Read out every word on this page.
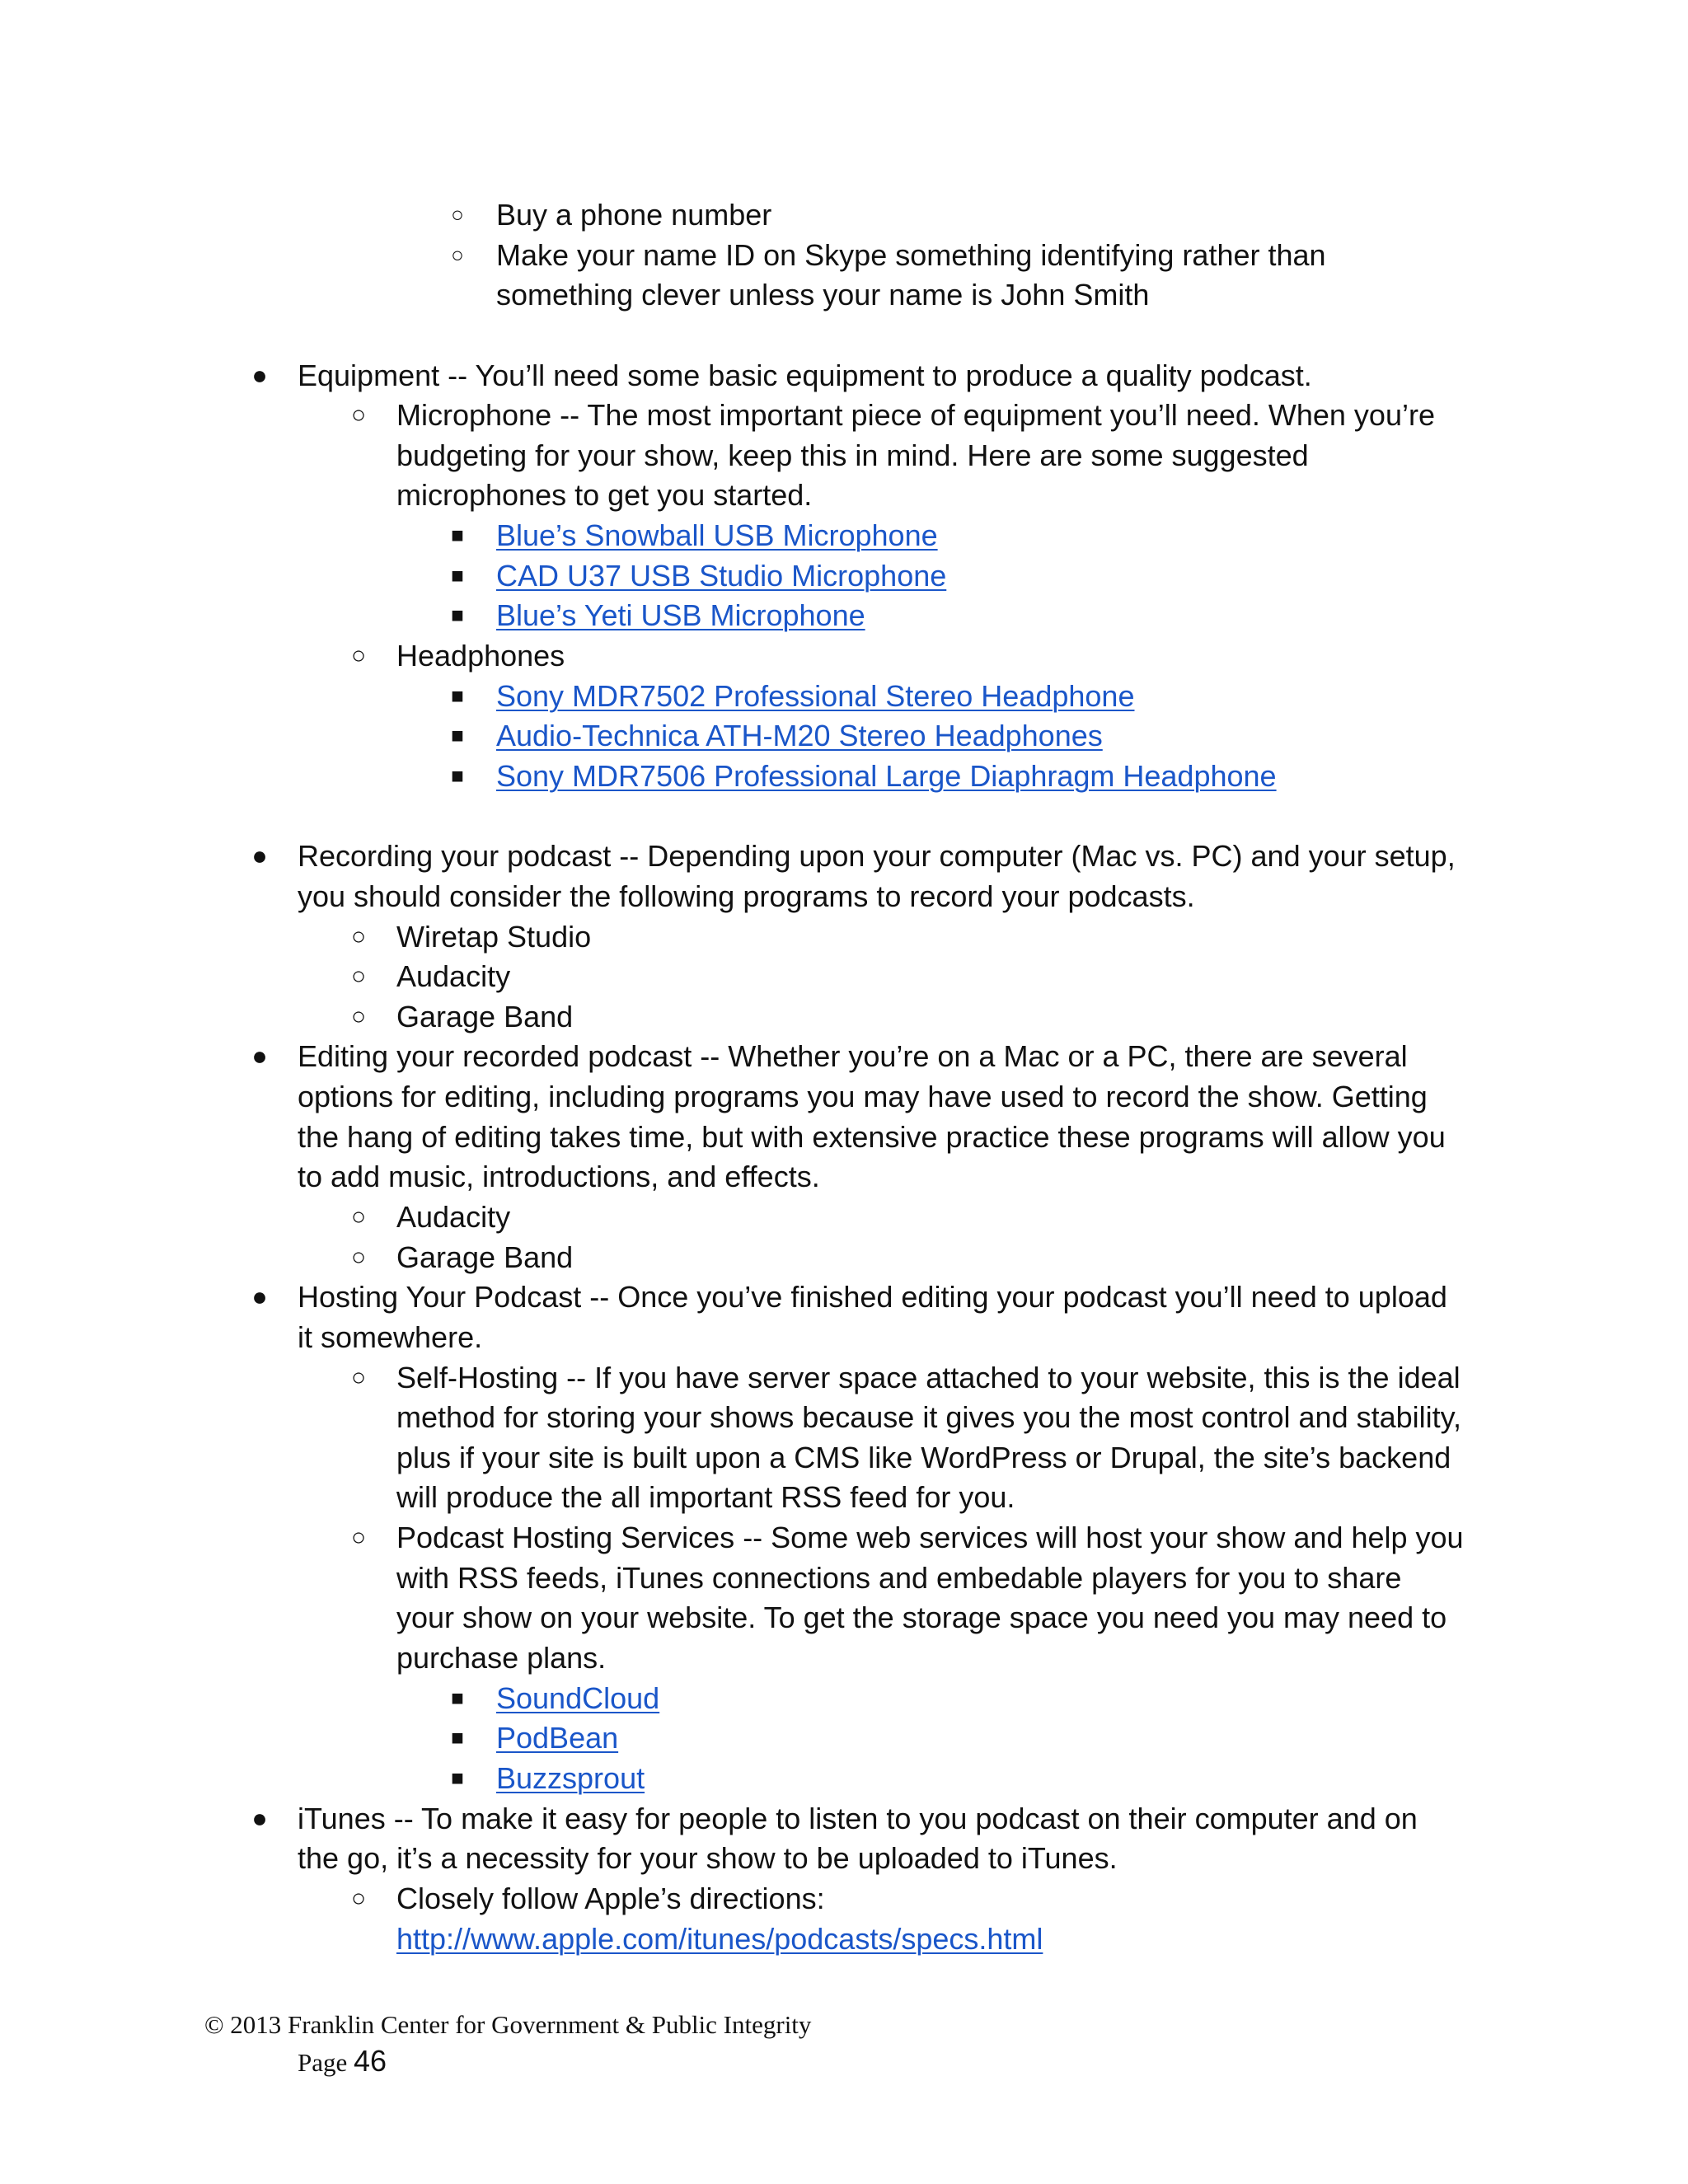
○ Buy a phone number
○ Make your name ID on Skype something identifying rather than
something clever unless your name is John Smith
● Equipment -- You’ll need some basic equipment to produce a quality podcast.
○ Microphone -- The most important piece of equipment you’ll need. When you’re
budgeting for your show, keep this in mind. Here are some suggested
microphones to get you started.
■ Blue’s Snowball USB Microphone
■ CAD U37 USB Studio Microphone
■ Blue’s Yeti USB Microphone
○ Headphones
■ Sony MDR7502 Professional Stereo Headphone
■ Audio-Technica ATH-M20 Stereo Headphones
■ Sony MDR7506 Professional Large Diaphragm Headphone
● Recording your podcast -- Depending upon your computer (Mac vs. PC) and your setup,
you should consider the following programs to record your podcasts.
○ Wiretap Studio
○ Audacity
○ Garage Band
● Editing your recorded podcast -- Whether you’re on a Mac or a PC, there are several
options for editing, including programs you may have used to record the show. Getting
the hang of editing takes time, but with extensive practice these programs will allow you
to add music, introductions, and effects.
○ Audacity
○ Garage Band
● Hosting Your Podcast -- Once you’ve finished editing your podcast you’ll need to upload
it somewhere.
○ Self-Hosting -- If you have server space attached to your website, this is the ideal
method for storing your shows because it gives you the most control and stability,
plus if your site is built upon a CMS like WordPress or Drupal, the site’s backend
will produce the all important RSS feed for you.
○ Podcast Hosting Services -- Some web services will host your show and help you
with RSS feeds, iTunes connections and embedable players for you to share
your show on your website. To get the storage space you need you may need to
purchase plans.
■ SoundCloud
■ PodBean
■ Buzzsprout
● iTunes -- To make it easy for people to listen to you podcast on their computer and on
the go, it’s a necessity for your show to be uploaded to iTunes.
○ Closely follow Apple’s directions:
http://www.apple.com/itunes/podcasts/specs.html
© 2013 Franklin Center for Government & Public Integrity
Page 46
